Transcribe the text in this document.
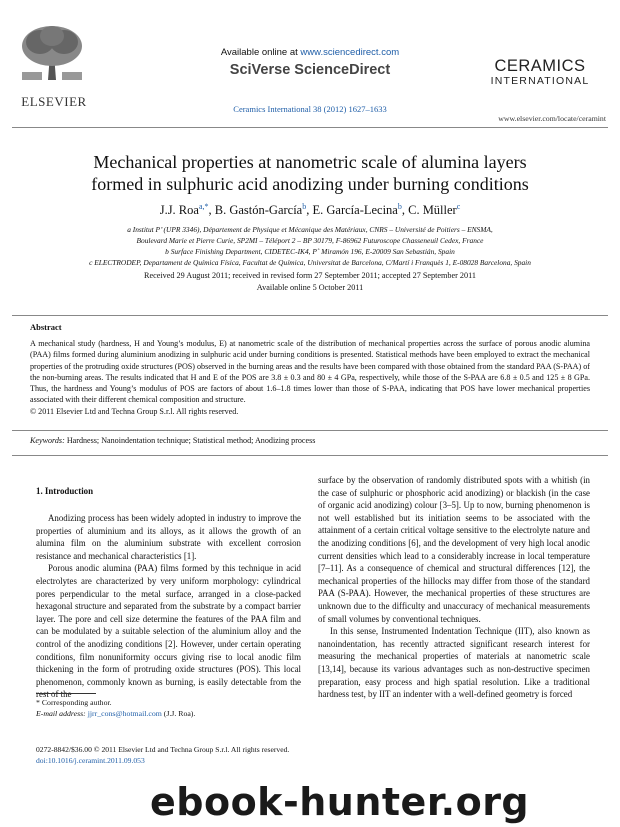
ELSEVIER
Available online at www.sciencedirect.com
SciVerse ScienceDirect
Ceramics International 38 (2012) 1627–1633
CERAMICS
INTERNATIONAL
www.elsevier.com/locate/ceramint
Mechanical properties at nanometric scale of alumina layers
formed in sulphuric acid anodizing under burning conditions
J.J. Roa$^{a,*}$, B. Gastón-García$^b$, E. García-Lecina$^b$, C. Müller$^c$
a Institut P’ (UPR 3346), Département de Physique et Mécanique des Matériaux, CNRS – Université de Poitiers – ENSMA,
Boulevard Marie et Pierre Curie, SP2MI – Téléport 2 – BP 30179, F-86962 Futuroscope Chasseneuil Cedex, France
b Surface Finishing Department, CIDETEC-IK4, P˚ Miramón 196, E-20009 San Sebastián, Spain
c ELECTRODEP, Departament de Química Física, Facultat de Química, Universitat de Barcelona, C/Martí i Franquès 1, E-08028 Barcelona, Spain
Received 29 August 2011; received in revised form 27 September 2011; accepted 27 September 2011
Available online 5 October 2011
Abstract
A mechanical study (hardness, H and Young’s modulus, E) at nanometric scale of the distribution of mechanical properties across the surface of porous anodic alumina (PAA) films formed during aluminium anodizing in sulphuric acid under burning conditions is presented. Statistical methods have been employed to extract the mechanical properties of the protruding oxide structures (POS) observed in the burning areas and the results have been compared with those obtained from the standard PAA (S-PAA) of the non-burning areas. The results indicated that H and E of the POS are 3.8 ± 0.3 and 80 ± 4 GPa, respectively, while those of the S-PAA are 6.8 ± 0.5 and 125 ± 8 GPa. Thus, the hardness and Young’s modulus of POS are factors of about 1.6–1.8 times lower than those of S-PAA, indicating that POS have lower mechanical properties associated with their different chemical composition and structure.
© 2011 Elsevier Ltd and Techna Group S.r.l. All rights reserved.
Keywords: Hardness; Nanoindentation technique; Statistical method; Anodizing process
1. Introduction

Anodizing process has been widely adopted in industry to improve the properties of aluminium and its alloys, as it allows the growth of an alumina film on the aluminium substrate with excellent corrosion resistance and mechanical characteristics [1].

Porous anodic alumina (PAA) films formed by this technique in acid electrolytes are characterized by very uniform morphology: cylindrical pores perpendicular to the metal surface, arranged in a close-packed hexagonal structure and separated from the substrate by a compact barrier layer. The pore and cell size determine the features of the PAA film and can be modulated by a suitable selection of the aluminium alloy and the control of the anodizing conditions [2]. However, under certain operating conditions, film nonuniformity occurs giving rise to local anodic film thickening in the form of protruding oxide structures (POS). This local phenomenon, commonly known as burning, is easily detectable from the rest of the

surface by the observation of randomly distributed spots with a whitish (in the case of sulphuric or phosphoric acid anodizing) or blackish (in the case of organic acid anodizing) colour [3–5]. Up to now, burning phenomenon is not well established but its initiation seems to be associated with the attainment of a certain critical voltage sensitive to the electrolyte nature and the anodizing conditions [6], and the development of very high local anodic current densities which lead to a considerably increase in local temperature [7–11]. As a consequence of chemical and structural differences [12], the mechanical properties of the hillocks may differ from those of the standard PAA (S-PAA). However, the mechanical properties of these structures are unknown due to the difficulty and unaccuracy of mechanical measurements of small volumes by conventional techniques.

In this sense, Instrumented Indentation Technique (IIT), also known as nanoindentation, has recently attracted significant research interest for measuring the mechanical properties of materials at nanometric scale [13,14], because its various advantages such as non-destructive specimen preparation, easy process and high spatial resolution. Like a traditional hardness test, by IIT an indenter with a well-defined geometry is forced

* Corresponding author.
E-mail address: jjrr_cons@hotmail.com (J.J. Roa).
0272-8842/$36.00 © 2011 Elsevier Ltd and Techna Group S.r.l. All rights reserved.
doi:10.1016/j.ceramint.2011.09.053
ebook-hunter.org
